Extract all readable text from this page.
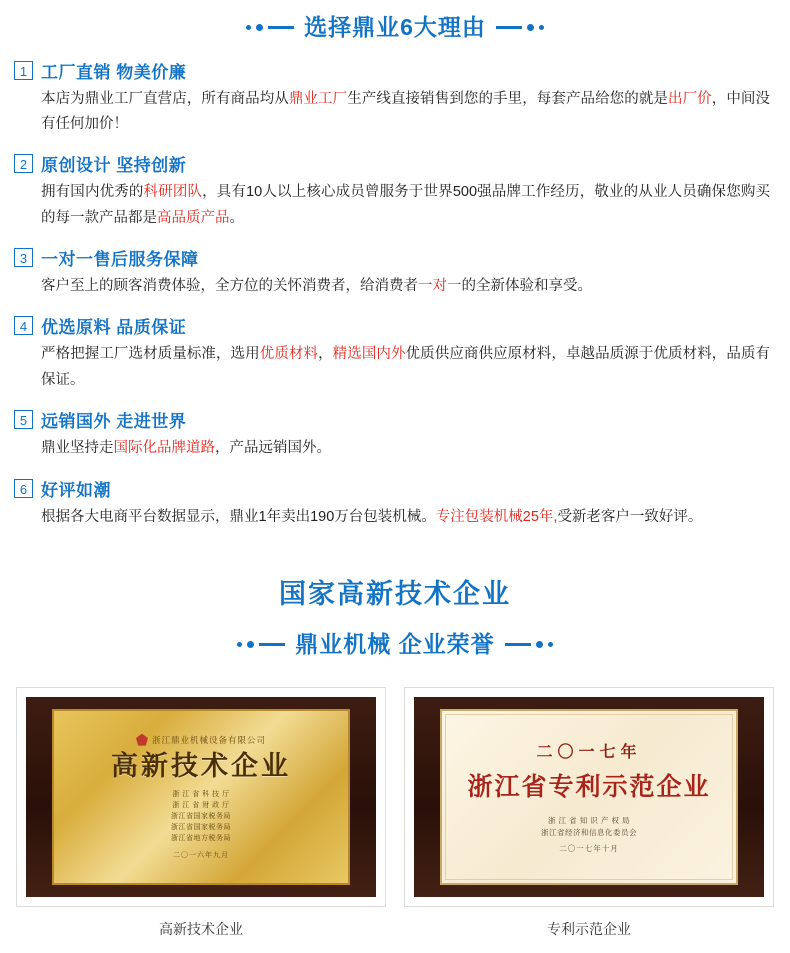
选择鼎业6大理由
1 工厂直销 物美价廉
本店为鼎业工厂直营店，所有商品均从鼎业工厂生产线直接销售到您的手里，每套产品给您的就是出厂价，中间没有任何加价！
2 原创设计 坚持创新
拥有国内优秀的科研团队，具有10人以上核心成员曾服务于世界500强品牌工作经历，敬业的从业人员确保您购买的每一款产品都是高品质产品。
3 一对一售后服务保障
客户至上的顾客消费体验，全方位的关怀消费者，给消费者一对一的全新体验和享受。
4 优选原料 品质保证
严格把握工厂选材质量标准，选用优质材料，精选国内外优质供应商供应原材料，卓越品质源于优质材料，品质有保证。
5 远销国外 走进世界
鼎业坚持走国际化品牌道路，产品远销国外。
6 好评如潮
根据各大电商平台数据显示，鼎业1年卖出190万台包装机械。专注包装机械25年,受新老客户一致好评。
国家高新技术企业
鼎业机械 企业荣誉
浙江鼎业机械设备有限公司
高新技术企业
浙 江 省 科 技 厅
浙 江 省 财 政 厅
浙江省国家税务局
浙江省国家税务局
浙江省地方税务局
二〇一六年九月
高新技术企业
二〇一七年
浙江省专利示范企业
浙 江 省 知 识 产 权 局
浙江省经济和信息化委员会
二〇一七年十月
专利示范企业
